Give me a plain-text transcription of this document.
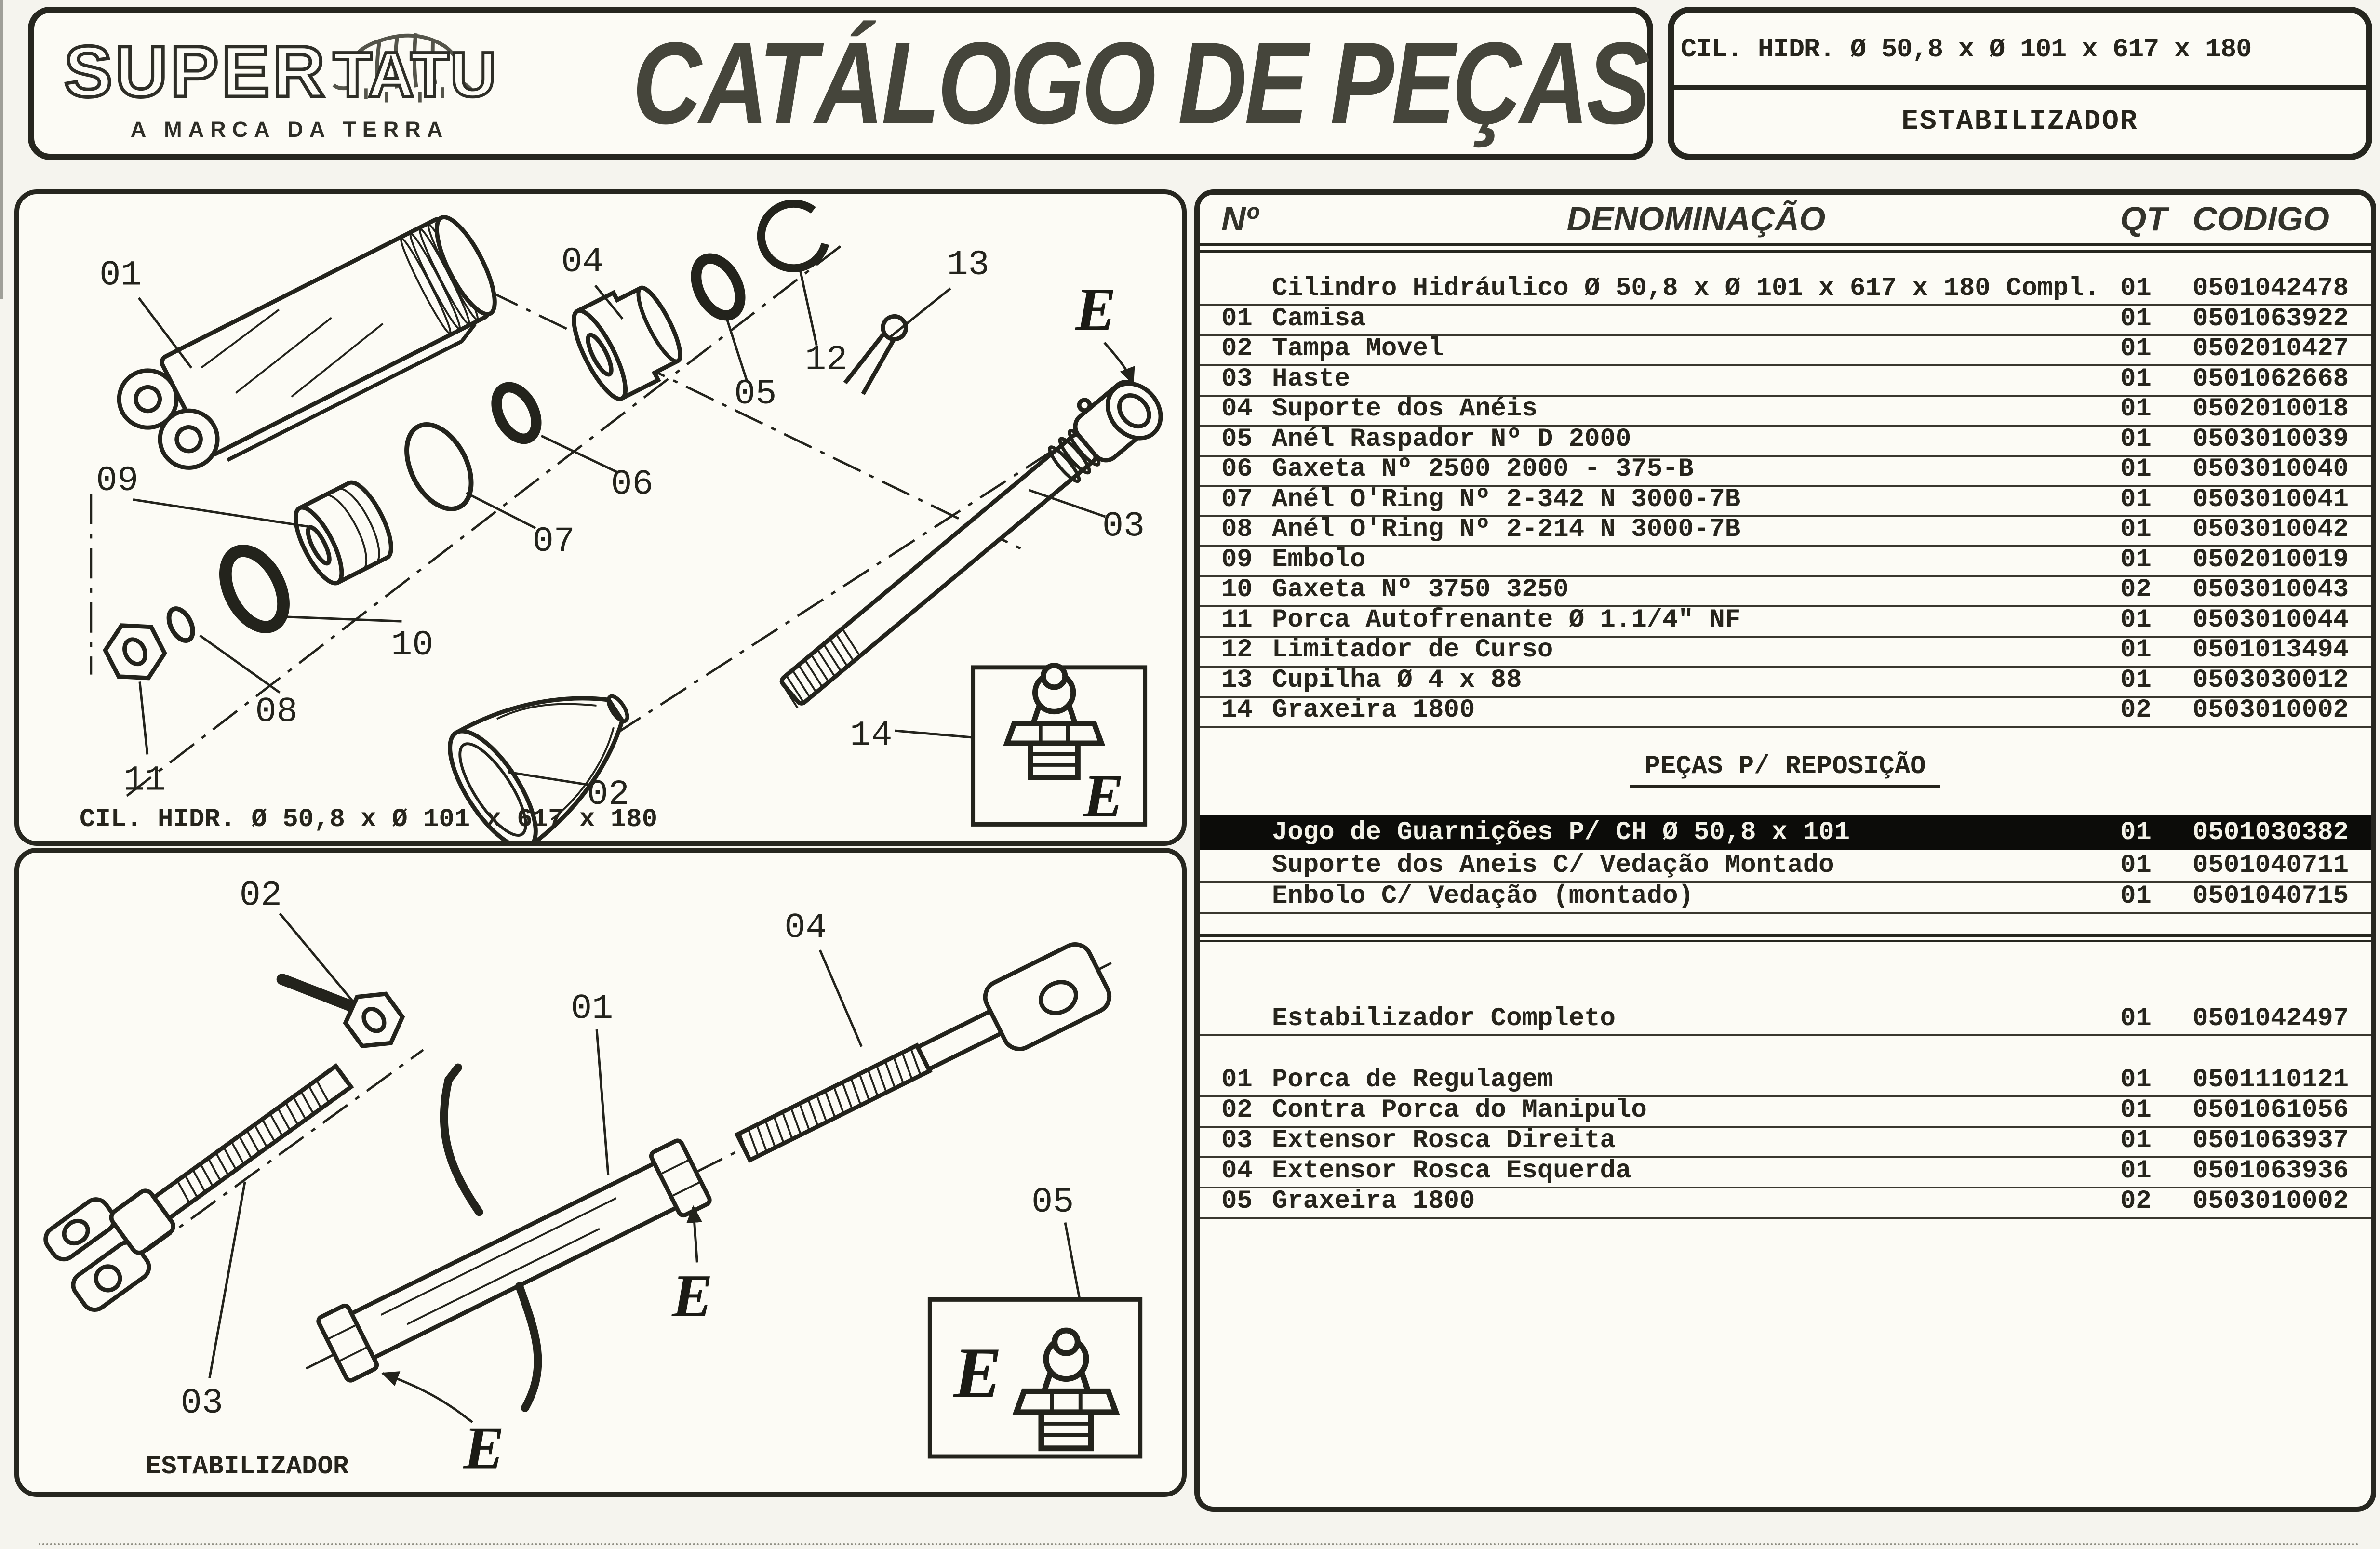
SUPER TATU
A MARCA DA TERRA CATÁLOGO DE PEÇAS CIL. HIDR. Ø 50,8 x Ø 101 x 617 x 180
ESTABILIZADOR
01	04	13
12
05
06
07
09
10
08
11
03
02
14
E
E
CIL. HIDR. Ø 50,8 x Ø 101 x 617 x 180
02
01
04
03
05
E
E
E
ESTABILIZADOR
Nº	DENOMINAÇÃO	QT CODIGO
Cilindro Hidráulico Ø 50,8 x Ø 101 x 617 x 180 Compl. 01	0501042478
01 Camisa	01	0501063922
02 Tampa Movel	01	0502010427
03 Haste	01	0501062668
04 Suporte dos Anéis	01	0502010018
05 Anél Raspador Nº D 2000	01	0503010039
06 Gaxeta Nº 2500 2000 - 375-B	01	0503010040
07 Anél O'Ring Nº 2-342 N 3000-7B	01	0503010041
08 Anél O'Ring Nº 2-214 N 3000-7B	01	0503010042
09 Embolo	01	0502010019
10 Gaxeta Nº 3750 3250	02	0503010043
11 Porca Autofrenante Ø 1.1/4" NF	01	0503010044
12 Limitador de Curso	01	0501013494
13 Cupilha Ø 4 x 88	01	0503030012
14 Graxeira 1800	02	0503010002
PEÇAS P/ REPOSIÇÃO
Jogo de Guarnições P/ CH Ø 50,8 x 101	01	0501030382
Suporte dos Aneis C/ Vedação Montado	01	0501040711
Enbolo C/ Vedação (montado)	01	0501040715
Estabilizador Completo	01	0501042497
01 Porca de Regulagem	01	0501110121
02 Contra Porca do Manipulo	01	0501061056
03 Extensor Rosca Direita	01	0501063937
04 Extensor Rosca Esquerda	01	0501063936
05 Graxeira 1800	02	0503010002
